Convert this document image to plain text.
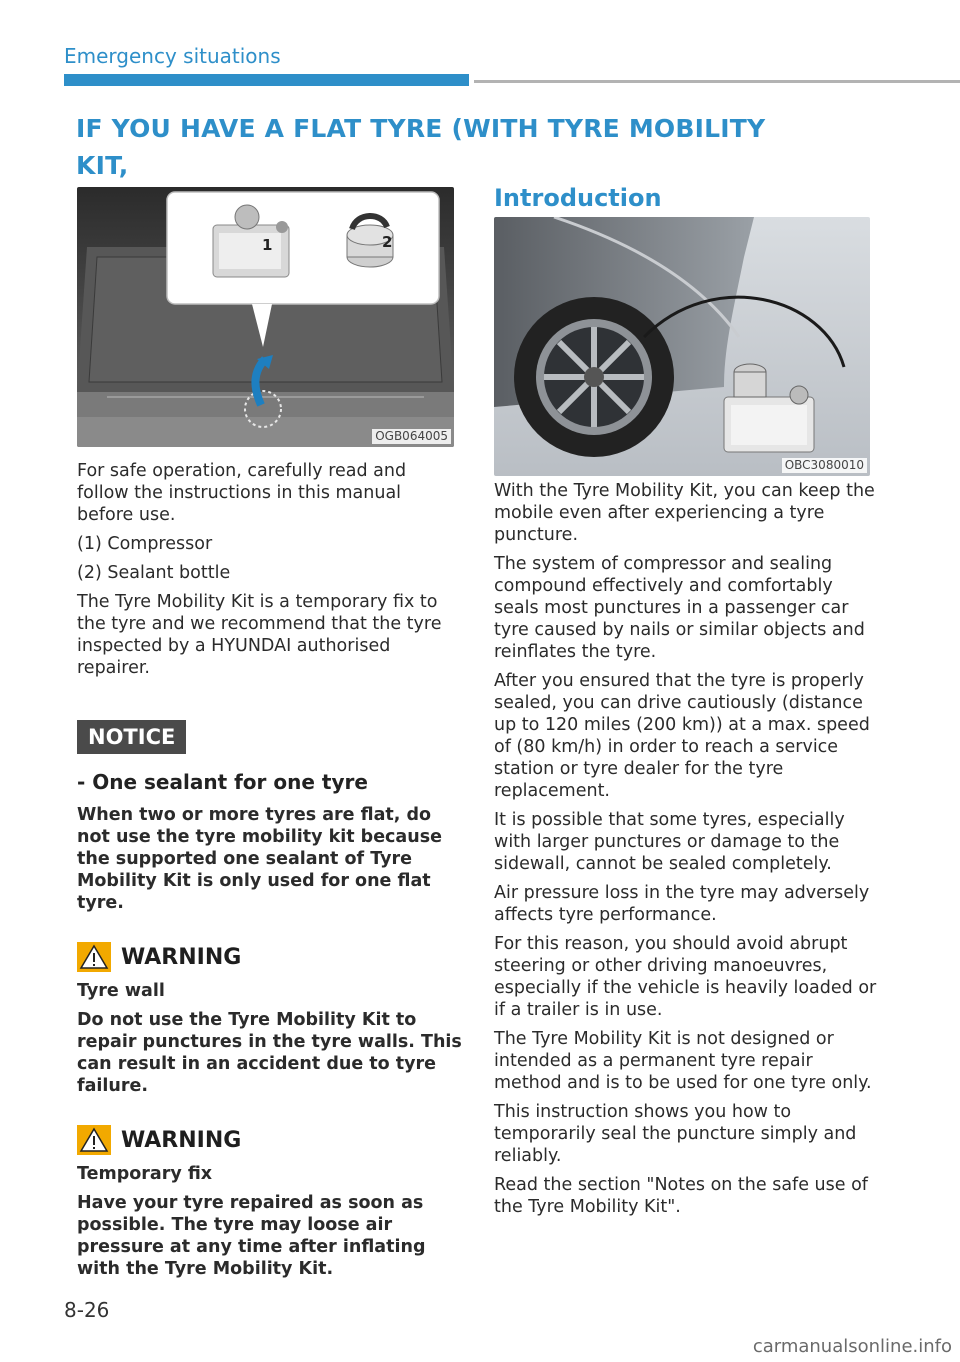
Emergency situations
IF YOU HAVE A FLAT TYRE (WITH TYRE MOBILITY KIT,
1	2
OGB064005
OBC3080010
Introduction

For safe operation, carefully read and follow the instructions in this manual before use.

(1) Compressor

(2) Sealant bottle

The Tyre Mobility Kit is a temporary fix to the tyre and we recommend that the tyre inspected by a HYUNDAI authorised repairer.

NOTICE
- One sealant for one tyre

When two or more tyres are flat, do not use the tyre mobility kit because the supported one sealant of Tyre Mobility Kit is only used for one flat tyre.

WARNING

Tyre wall

Do not use the Tyre Mobility Kit to repair punctures in the tyre walls. This can result in an accident due to tyre failure.

WARNING

Temporary fix

Have your tyre repaired as soon as possible. The tyre may loose air pressure at any time after inflating with the Tyre Mobility Kit.

With the Tyre Mobility Kit, you can keep the mobile even after experiencing a tyre puncture.

The system of compressor and sealing compound effectively and comfortably seals most punctures in a passenger car tyre caused by nails or similar objects and reinflates the tyre.

After you ensured that the tyre is properly sealed, you can drive cautiously (distance up to 120 miles (200 km)) at a max. speed of (80 km/h) in order to reach a service station or tyre dealer for the tyre replacement.

It is possible that some tyres, especially with larger punctures or damage to the sidewall, cannot be sealed completely.

Air pressure loss in the tyre may adversely affects tyre performance.

For this reason, you should avoid abrupt steering or other driving manoeuvres, especially if the vehicle is heavily loaded or if a trailer is in use.

The Tyre Mobility Kit is not designed or intended as a permanent tyre repair method and is to be used for one tyre only.

This instruction shows you how to temporarily seal the puncture simply and reliably.

Read the section "Notes on the safe use of the Tyre Mobility Kit".

8-26
carmanualsonline.info
